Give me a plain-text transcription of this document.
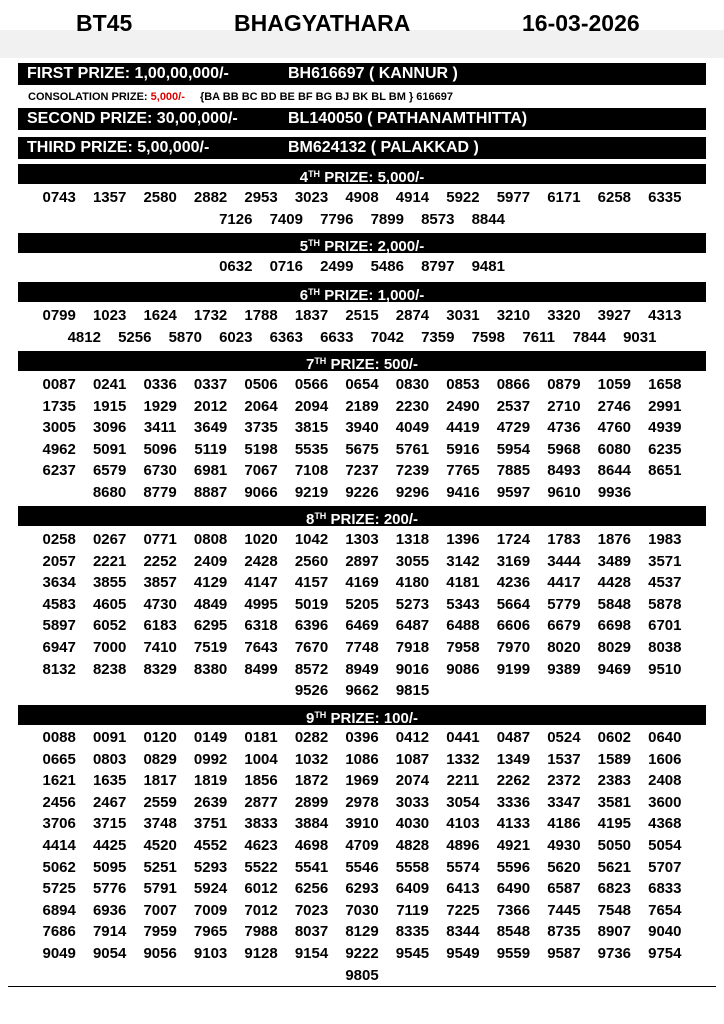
BT45	BHAGYATHARA	16-03-2026
FIRST PRIZE: 1,00,00,000/-	BH616697 ( KANNUR )
CONSOLATION PRIZE: 5,000/- {BA BB BC BD BE BF BG BJ BK BL BM } 616697
SECOND PRIZE: 30,00,000/-	BL140050 ( PATHANAMTHITTA)
THIRD PRIZE: 5,00,000/-	BM624132 ( PALAKKAD )
4TH PRIZE: 5,000/-
0743	1357	2580	2882	2953	3023	4908	4914	5922	5977	6171	6258	6335
7126	7409	7796	7899	8573	8844
5TH PRIZE: 2,000/-
0632	0716	2499	5486	8797	9481
6TH PRIZE: 1,000/-
0799	1023	1624	1732	1788	1837	2515	2874	3031	3210	3320	3927	4313
4812	5256	5870	6023	6363	6633	7042	7359	7598	7611	7844	9031
7TH PRIZE: 500/-
0087	0241	0336	0337	0506	0566	0654	0830	0853	0866	0879	1059	1658
1735	1915	1929	2012	2064	2094	2189	2230	2490	2537	2710	2746	2991
3005	3096	3411	3649	3735	3815	3940	4049	4419	4729	4736	4760	4939
4962	5091	5096	5119	5198	5535	5675	5761	5916	5954	5968	6080	6235
6237	6579	6730	6981	7067	7108	7237	7239	7765	7885	8493	8644	8651
8680	8779	8887	9066	9219	9226	9296	9416	9597	9610	9936
8TH PRIZE: 200/-
0258	0267	0771	0808	1020	1042	1303	1318	1396	1724	1783	1876	1983
2057	2221	2252	2409	2428	2560	2897	3055	3142	3169	3444	3489	3571
3634	3855	3857	4129	4147	4157	4169	4180	4181	4236	4417	4428	4537
4583	4605	4730	4849	4995	5019	5205	5273	5343	5664	5779	5848	5878
5897	6052	6183	6295	6318	6396	6469	6487	6488	6606	6679	6698	6701
6947	7000	7410	7519	7643	7670	7748	7918	7958	7970	8020	8029	8038
8132	8238	8329	8380	8499	8572	8949	9016	9086	9199	9389	9469	9510
9526	9662	9815
9TH PRIZE: 100/-
0088	0091	0120	0149	0181	0282	0396	0412	0441	0487	0524	0602	0640
0665	0803	0829	0992	1004	1032	1086	1087	1332	1349	1537	1589	1606
1621	1635	1817	1819	1856	1872	1969	2074	2211	2262	2372	2383	2408
2456	2467	2559	2639	2877	2899	2978	3033	3054	3336	3347	3581	3600
3706	3715	3748	3751	3833	3884	3910	4030	4103	4133	4186	4195	4368
4414	4425	4520	4552	4623	4698	4709	4828	4896	4921	4930	5050	5054
5062	5095	5251	5293	5522	5541	5546	5558	5574	5596	5620	5621	5707
5725	5776	5791	5924	6012	6256	6293	6409	6413	6490	6587	6823	6833
6894	6936	7007	7009	7012	7023	7030	7119	7225	7366	7445	7548	7654
7686	7914	7959	7965	7988	8037	8129	8335	8344	8548	8735	8907	9040
9049	9054	9056	9103	9128	9154	9222	9545	9549	9559	9587	9736	9754
9805
